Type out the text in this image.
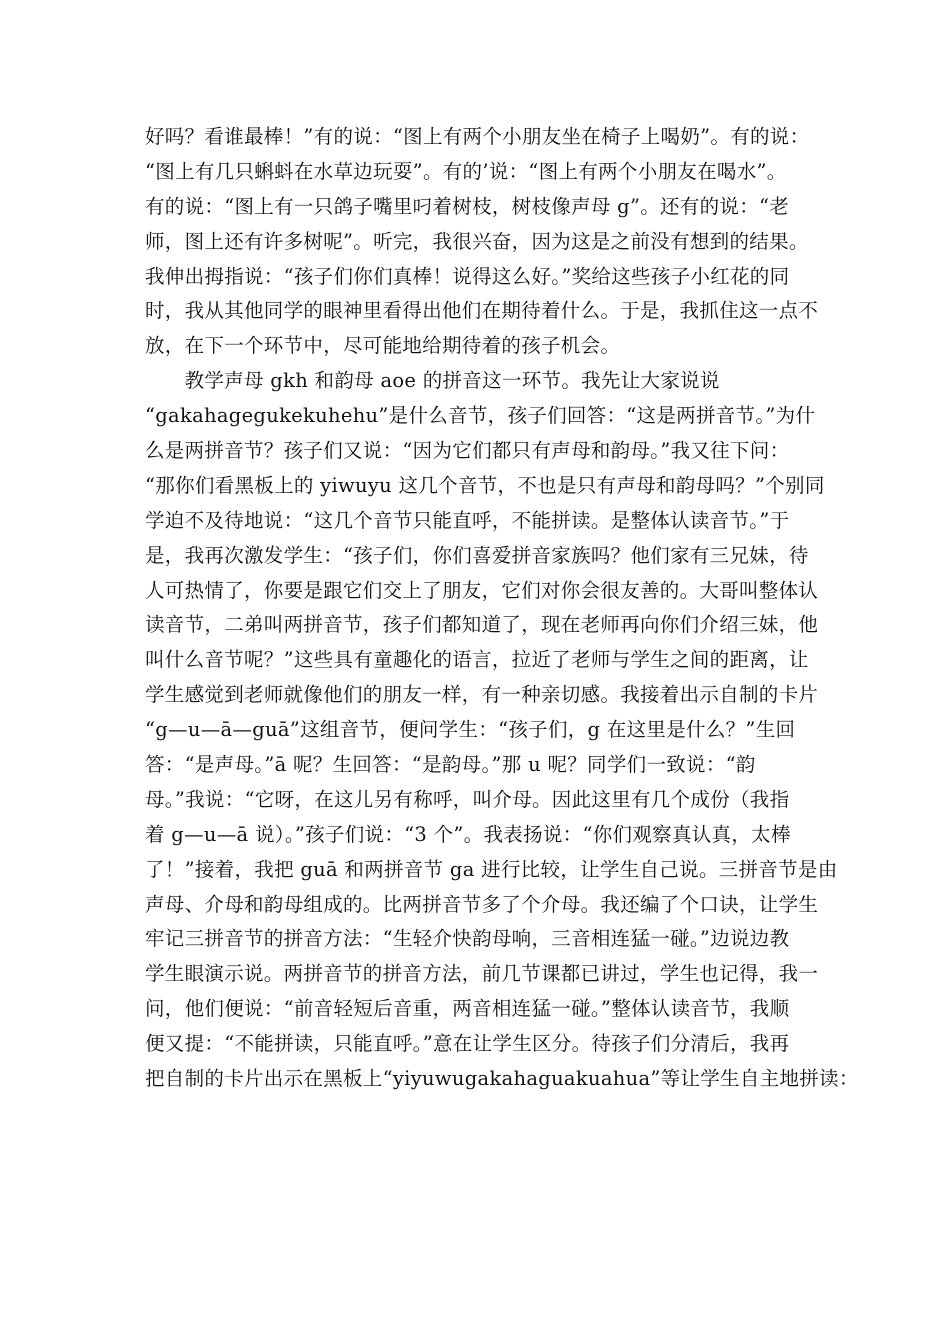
好吗？看谁最棒！”有的说：“图上有两个小朋友坐在椅子上喝奶”。有的说：
“图上有几只蝌蚪在水草边玩耍”。有的’说：“图上有两个小朋友在喝水”。
有的说：“图上有一只鸽子嘴里叼着树枝，树枝像声母 g”。还有的说：“老
师，图上还有许多树呢”。听完，我很兴奋，因为这是之前没有想到的结果。
我伸出拇指说：“孩子们你们真棒！说得这么好。”奖给这些孩子小红花的同
时，我从其他同学的眼神里看得出他们在期待着什么。于是，我抓住这一点不
放，在下一个环节中，尽可能地给期待着的孩子机会。
　　教学声母 gkh 和韵母 aoe 的拼音这一环节。我先让大家说说
“gakahagegukekuhehu”是什么音节，孩子们回答：“这是两拼音节。”为什
么是两拼音节？孩子们又说：“因为它们都只有声母和韵母。”我又往下问：
“那你们看黑板上的 yiwuyu 这几个音节，不也是只有声母和韵母吗？”个别同
学迫不及待地说：“这几个音节只能直呼，不能拼读。是整体认读音节。”于
是，我再次激发学生：“孩子们，你们喜爱拼音家族吗？他们家有三兄妹，待
人可热情了，你要是跟它们交上了朋友，它们对你会很友善的。大哥叫整体认
读音节，二弟叫两拼音节，孩子们都知道了，现在老师再向你们介绍三妹，他
叫什么音节呢？”这些具有童趣化的语言，拉近了老师与学生之间的距离，让
学生感觉到老师就像他们的朋友一样，有一种亲切感。我接着出示自制的卡片
“g—u—ā—guā”这组音节，便问学生：“孩子们，g 在这里是什么？”生回
答：“是声母。”ā 呢？生回答：“是韵母。”那 u 呢？同学们一致说：“韵
母。”我说：“它呀，在这儿另有称呼，叫介母。因此这里有几个成份（我指
着 g—u—ā 说）。”孩子们说：“3 个”。我表扬说：“你们观察真认真，太棒
了！”接着，我把 guā 和两拼音节 ga 进行比较，让学生自己说。三拼音节是由
声母、介母和韵母组成的。比两拼音节多了个介母。我还编了个口诀，让学生
牢记三拼音节的拼音方法：“生轻介快韵母响，三音相连猛一碰。”边说边教
学生眼演示说。两拼音节的拼音方法，前几节课都已讲过，学生也记得，我一
问，他们便说：“前音轻短后音重，两音相连猛一碰。”整体认读音节，我顺
便又提：“不能拼读，只能直呼。”意在让学生区分。待孩子们分清后，我再
把自制的卡片出示在黑板上“yiyuwugakahaguakuahua”等让学生自主地拼读：
